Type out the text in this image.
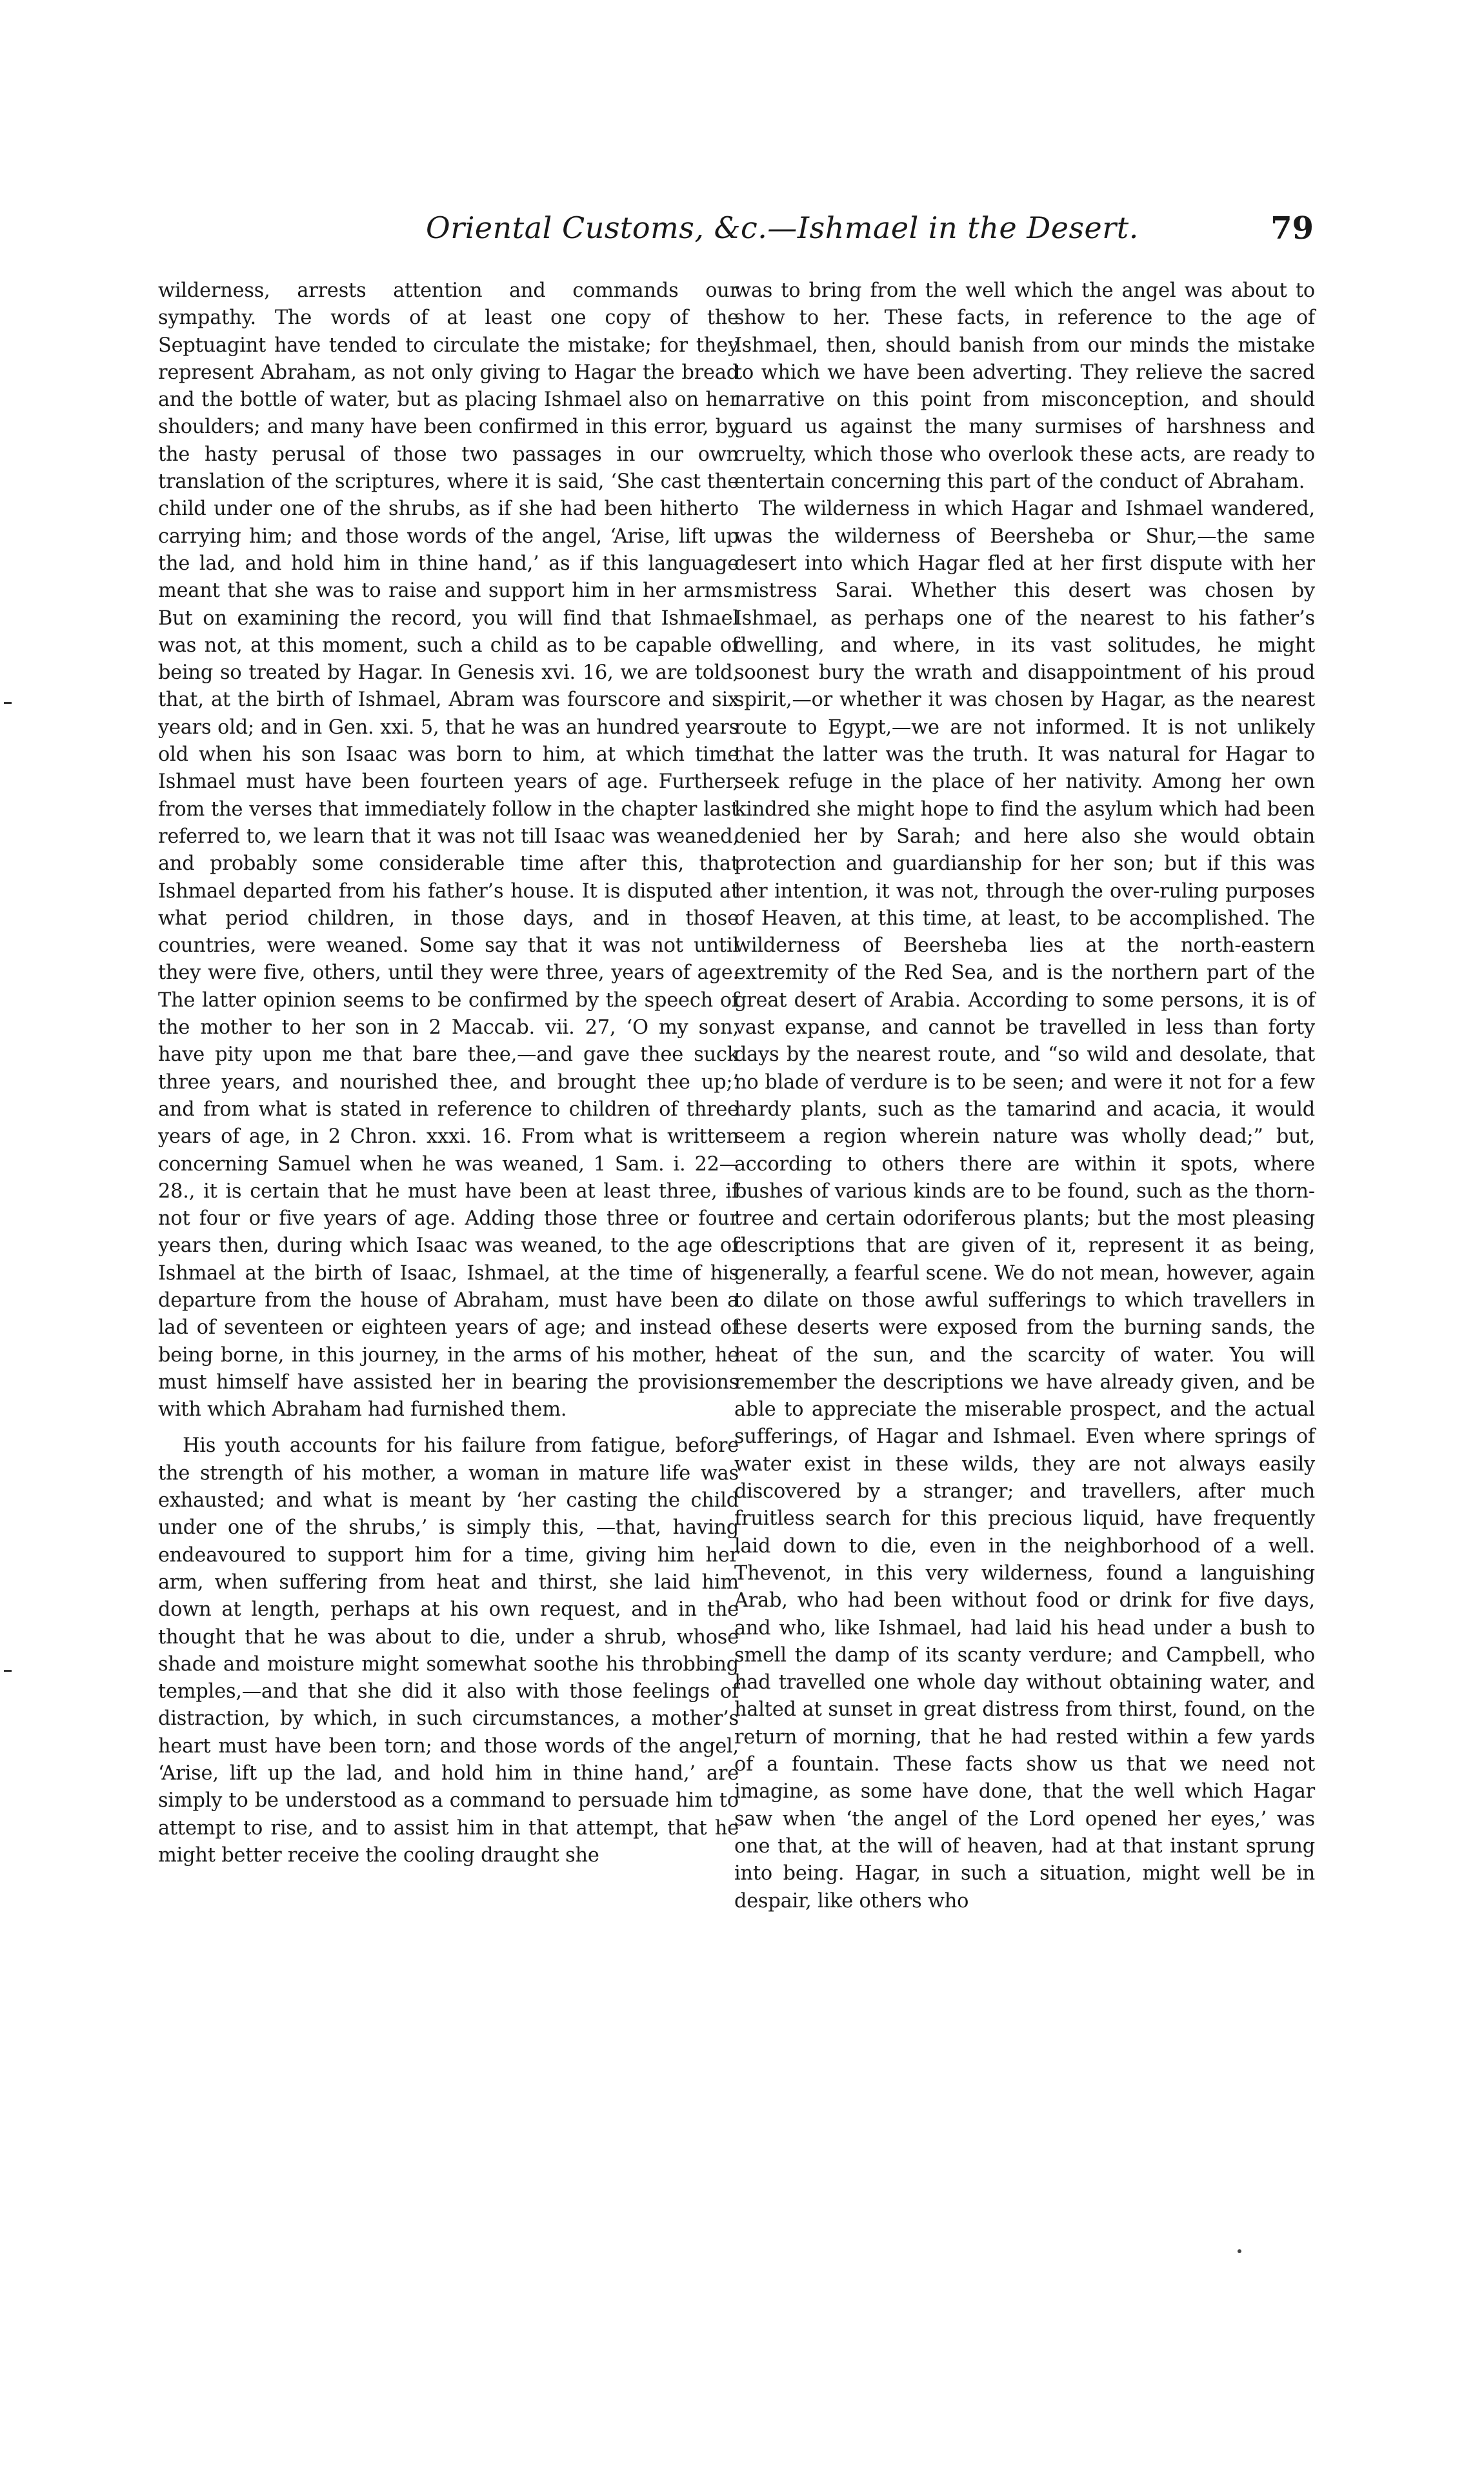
Oriental Customs, &c.—Ishmael in the Desert.	79

wilderness, arrests attention and commands our sympathy. The words of at least one copy of the Septuagint have tended to circulate the mistake; for they represent Abraham, as not only giving to Hagar the bread and the bottle of water, but as placing Ishmael also on her shoulders; and many have been confirmed in this error, by the hasty perusal of those two passages in our own translation of the scriptures, where it is said, ‘She cast the child under one of the shrubs, as if she had been hitherto carrying him; and those words of the angel, ‘Arise, lift up the lad, and hold him in thine hand,’ as if this language meant that she was to raise and support him in her arms. But on examining the record, you will find that Ishmael was not, at this moment, such a child as to be capable of being so treated by Hagar. In Genesis xvi. 16, we are told, that, at the birth of Ishmael, Abram was fourscore and six years old; and in Gen. xxi. 5, that he was an hundred years old when his son Isaac was born to him, at which time Ishmael must have been fourteen years of age. Further, from the verses that immediately follow in the chapter last referred to, we learn that it was not till Isaac was weaned, and probably some considerable time after this, that Ishmael departed from his father’s house. It is disputed at what period children, in those days, and in those countries, were weaned. Some say that it was not until they were five, others, until they were three, years of age. The latter opinion seems to be confirmed by the speech of the mother to her son in 2 Maccab. vii. 27, ‘O my son, have pity upon me that bare thee,—and gave thee suck three years, and nourished thee, and brought thee up;’ and from what is stated in reference to children of three years of age, in 2 Chron. xxxi. 16. From what is written concerning Samuel when he was weaned, 1 Sam. i. 22—28., it is certain that he must have been at least three, if not four or five years of age. Adding those three or four years then, during which Isaac was weaned, to the age of Ishmael at the birth of Isaac, Ishmael, at the time of his departure from the house of Abraham, must have been a lad of seventeen or eighteen years of age; and instead of being borne, in this journey, in the arms of his mother, he must himself have assisted her in bearing the provisions with which Abraham had furnished them.

His youth accounts for his failure from fatigue, before the strength of his mother, a woman in mature life was exhausted; and what is meant by ‘her casting the child under one of the shrubs,’ is simply this, —that, having endeavoured to support him for a time, giving him her arm, when suffering from heat and thirst, she laid him down at length, perhaps at his own request, and in the thought that he was about to die, under a shrub, whose shade and moisture might somewhat soothe his throbbing temples,—and that she did it also with those feelings of distraction, by which, in such circumstances, a mother’s heart must have been torn; and those words of the angel, ‘Arise, lift up the lad, and hold him in thine hand,’ are simply to be understood as a command to persuade him to attempt to rise, and to assist him in that attempt, that he might better receive the cooling draught she

was to bring from the well which the angel was about to show to her. These facts, in reference to the age of Ishmael, then, should banish from our minds the mistake to which we have been adverting. They relieve the sacred narrative on this point from misconception, and should guard us against the many surmises of harshness and cruelty, which those who overlook these acts, are ready to entertain concerning this part of the conduct of Abraham.

The wilderness in which Hagar and Ishmael wandered, was the wilderness of Beersheba or Shur,—the same desert into which Hagar fled at her first dispute with her mistress Sarai. Whether this desert was chosen by Ishmael, as perhaps one of the nearest to his father’s dwelling, and where, in its vast solitudes, he might soonest bury the wrath and disappointment of his proud spirit,—or whether it was chosen by Hagar, as the nearest route to Egypt,—we are not informed. It is not unlikely that the latter was the truth. It was natural for Hagar to seek refuge in the place of her nativity. Among her own kindred she might hope to find the asylum which had been denied her by Sarah; and here also she would obtain protection and guardianship for her son; but if this was her intention, it was not, through the over-ruling purposes of Heaven, at this time, at least, to be accomplished. The wilderness of Beersheba lies at the north-eastern extremity of the Red Sea, and is the northern part of the great desert of Arabia. According to some persons, it is of vast expanse, and cannot be travelled in less than forty days by the nearest route, and “so wild and desolate, that no blade of verdure is to be seen; and were it not for a few hardy plants, such as the tamarind and acacia, it would seem a region wherein nature was wholly dead;” but, according to others there are within it spots, where bushes of various kinds are to be found, such as the thorn-tree and certain odoriferous plants; but the most pleasing descriptions that are given of it, represent it as being, generally, a fearful scene. We do not mean, however, again to dilate on those awful sufferings to which travellers in these deserts were exposed from the burning sands, the heat of the sun, and the scarcity of water. You will remember the descriptions we have already given, and be able to appreciate the miserable prospect, and the actual sufferings, of Hagar and Ishmael. Even where springs of water exist in these wilds, they are not always easily discovered by a stranger; and travellers, after much fruitless search for this precious liquid, have frequently laid down to die, even in the neighborhood of a well. Thevenot, in this very wilderness, found a languishing Arab, who had been without food or drink for five days, and who, like Ishmael, had laid his head under a bush to smell the damp of its scanty verdure; and Campbell, who had travelled one whole day without obtaining water, and halted at sunset in great distress from thirst, found, on the return of morning, that he had rested within a few yards of a fountain. These facts show us that we need not imagine, as some have done, that the well which Hagar saw when ‘the angel of the Lord opened her eyes,’ was one that, at the will of heaven, had at that instant sprung into being. Hagar, in such a situation, might well be in despair, like others who
